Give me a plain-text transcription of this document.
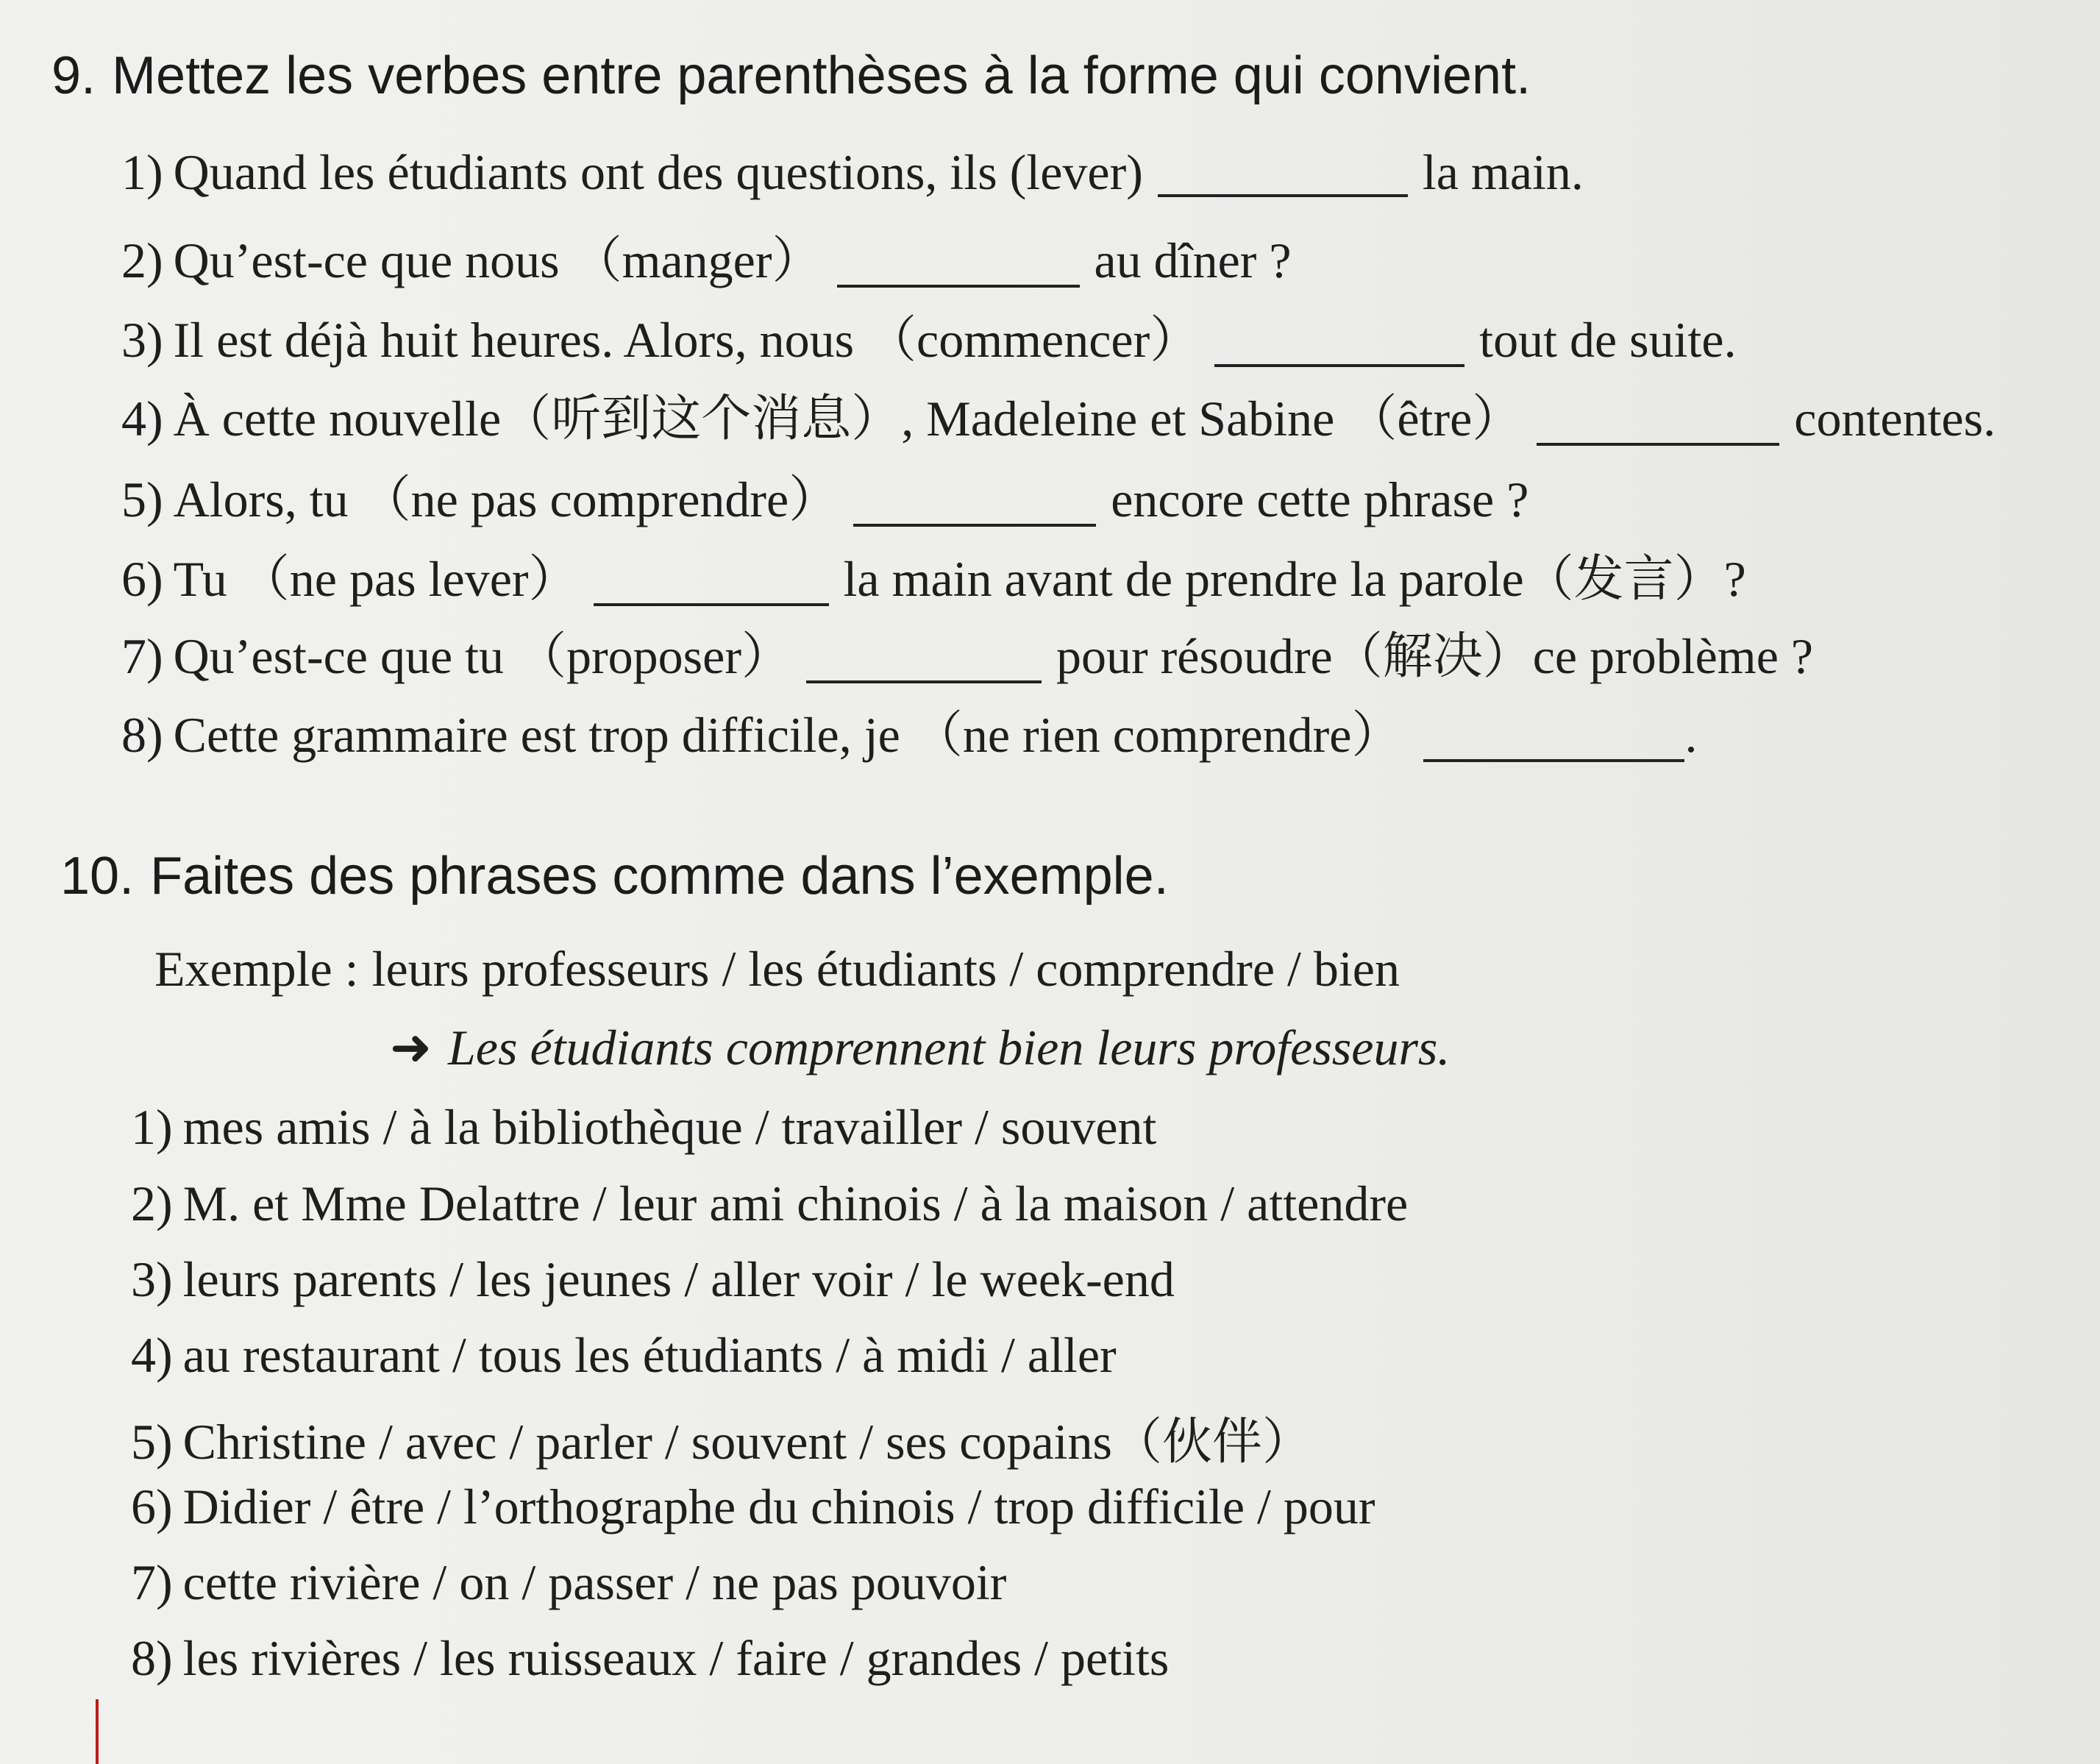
9. Mettez les verbes entre parenthèses à la forme qui convient.
1) Quand les étudiants ont des questions, ils (lever)	la main.
2) Qu’est-ce que nous （manger）	au dîner ?
3) Il est déjà huit heures. Alors, nous （commencer）	tout de suite.
4) À cette nouvelle（听到这个消息）, Madeleine et Sabine （être）	contentes.
5) Alors, tu （ne pas comprendre）	encore cette phrase ?
6) Tu （ne pas lever）	la main avant de prendre la parole（发言）?
7) Qu’est-ce que tu （proposer）	pour résoudre（解决）ce problème ?
8) Cette grammaire est trop difficile, je （ne rien comprendre）	.
10. Faites des phrases comme dans l’exemple.
Exemple : leurs professeurs / les étudiants / comprendre / bien
➜ Les étudiants comprennent bien leurs professeurs.
1) mes amis / à la bibliothèque / travailler / souvent
2) M. et Mme Delattre / leur ami chinois / à la maison / attendre
3) leurs parents / les jeunes / aller voir / le week-end
4) au restaurant / tous les étudiants / à midi / aller
5) Christine / avec / parler / souvent / ses copains（伙伴）
6) Didier / être / l’orthographe du chinois / trop difficile / pour
7) cette rivière / on / passer / ne pas pouvoir
8) les rivières / les ruisseaux / faire / grandes / petits
